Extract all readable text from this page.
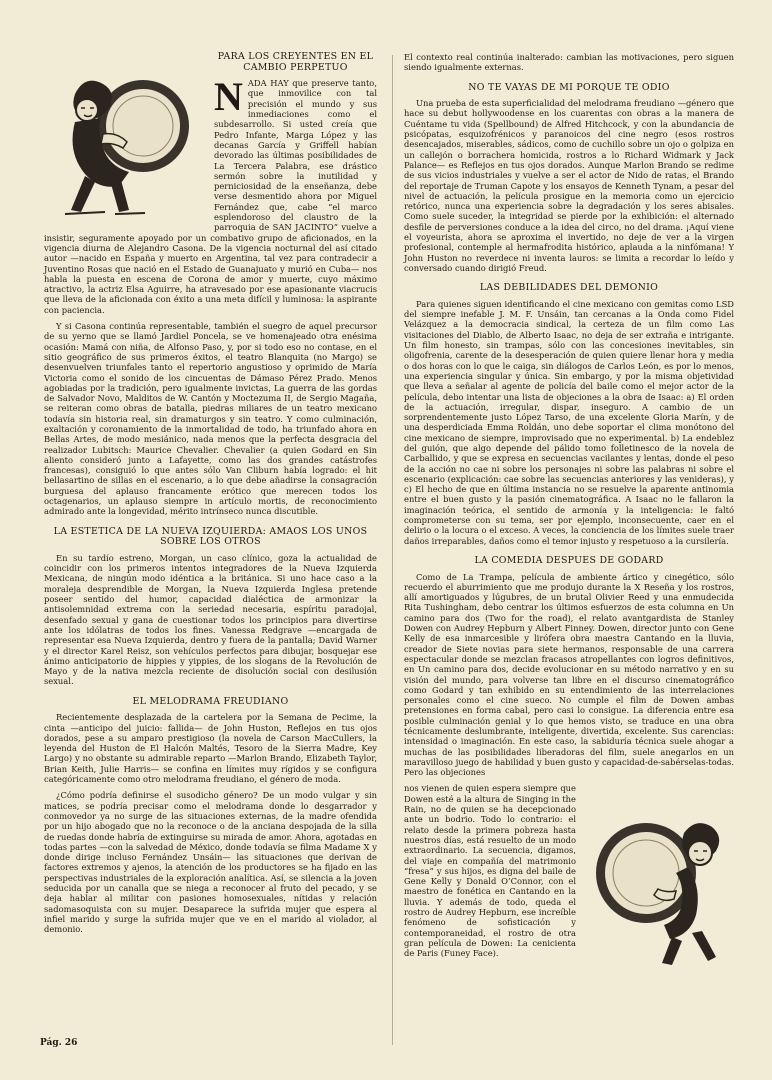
PARA LOS CREYENTES EN EL CAMBIO PERPETUO

NADA HAY que preserve tanto, que inmovilice con tal precisión el mundo y sus inmediaciones como el subdesarrollo. Si usted creía que Pedro Infante, Marga López y las decanas García y Griffell habían devorado las últimas posibilidades de La Tercera Palabra, ese drástico sermón sobre la inutilidad y perniciosidad de la enseñanza, debe verse desmentido ahora por Miguel Fernández que, cabe “el marco esplendoroso del claustro de la parroquia de SAN JACINTO” vuelve a insistir, seguramente apoyado por un combativo grupo de aficionados, en la vigencia diurna de Alejandro Casona. De la vigencia nocturnal del así citado autor —nacido en España y muerto en Argentina, tal vez para contradecir a Juventino Rosas que nació en el Estado de Guanajuato y murió en Cuba— nos habla la puesta en escena de Corona de amor y muerte, cuyo máximo atractivo, la actriz Elsa Aguirre, ha atravesado por ese apasionante viacrucis que lleva de la aficionada con éxito a una meta difícil y luminosa: la aspirante con paciencia.

Y si Casona continúa representable, también el suegro de aquel precursor de su yerno que se llamó Jardiel Poncela, se ve homenajeado otra enésima ocasión: Mamá con niña, de Alfonso Paso, y, por si todo eso no contase, en el sitio geográfico de sus primeros éxitos, el teatro Blanquita (no Margo) se desenvuelven triunfales tanto el repertorio angustioso y oprimido de María Victoria como el sonido de los cincuentas de Dámaso Pérez Prado. Menos agobiadas por la tradición, pero igualmente invictas, La guerra de las gordas de Salvador Novo, Malditos de W. Cantón y Moctezuma II, de Sergio Magaña, se reiteran como obras de batalla, piedras miliares de un teatro mexicano todavía sin historia real, sin dramaturgos y sin teatro. Y como culminación, exaltación y coronamiento de la inmortalidad de todo, ha triunfado ahora en Bellas Artes, de modo mesiánico, nada menos que la perfecta desgracia del realizador Lubitsch: Maurice Chevalier. Chevalier (a quien Godard en Sin aliento consideró junto a Lafayette, como las dos grandes catástrofes francesas), consiguió lo que antes sólo Van Cliburn había logrado: el hit bellasartino de sillas en el escenario, a lo que debe añadirse la consagración burguesa del aplauso francamente erótico que merecen todos los octagenarios, un aplauso siempre in artículo mortis, de reconocimiento admirado ante la longevidad, mérito intrínseco nunca discutible.

LA ESTETICA DE LA NUEVA IZQUIERDA: AMAOS LOS UNOS SOBRE LOS OTROS

En su tardío estreno, Morgan, un caso clínico, goza la actualidad de coincidir con los primeros intentos integradores de la Nueva Izquierda Mexicana, de ningún modo idéntica a la británica. Si uno hace caso a la moraleja desprendible de Morgan, la Nueva Izquierda Inglesa pretende poseer sentido del humor, capacidad dialéctica de armonizar la antisolemnidad extrema con la seriedad necesaria, espíritu paradojal, desenfado sexual y gana de cuestionar todos los principios para divertirse ante los idólatras de todos los fines. Vanessa Redgrave —encargada de representar esa Nueva Izquierda, dentro y fuera de la pantalla; David Warner y el director Karel Reisz, son vehículos perfectos para dibujar, bosquejar ese ánimo anticipatorio de hippies y yippies, de los slogans de la Revolución de Mayo y de la nativa mezcla reciente de disolución social con desilusión sexual.

EL MELODRAMA FREUDIANO

Recientemente desplazada de la cartelera por la Semana de Pecime, la cinta —anticipo del juicio: fallida— de John Huston, Reflejos en tus ojos dorados, pese a su amparo prestigioso (la novela de Carson MacCullers, la leyenda del Huston de El Halcón Maltés, Tesoro de la Sierra Madre, Key Largo) y no obstante su admirable reparto —Marlon Brando, Elizabeth Taylor, Brian Keith, Julie Harris— se confina en límites muy rígidos y se configura categóricamente como otro melodrama freudiano, el género de moda.

¿Cómo podría definirse el susodicho género? De un modo vulgar y sin matices, se podría precisar como el melodrama donde lo desgarrador y conmovedor ya no surge de las situaciones externas, de la madre ofendida por un hijo abogado que no la reconoce o de la anciana despojada de la silla de ruedas donde habría de extinguirse su mirada de amor. Ahora, agotadas en todas partes —con la salvedad de México, donde todavía se filma Madame X y donde dirige incluso Fernández Unsáin— las situaciones que derivan de factores extremos y ajenos, la atención de los productores se ha fijado en las perspectivas industriales de la exploración analítica. Así, se silencia a la joven seducida por un canalla que se niega a reconocer al fruto del pecado, y se deja hablar al militar con pasiones homosexuales, nítidas y relación sadomasoquista con su mujer. Desaparece la sufrida mujer que espera al infiel marido y surge la sufrida mujer que ve en el marido al violador, al demonio.

El contexto real continúa inalterado: cambian las motivaciones, pero siguen siendo igualmente externas.

NO TE VAYAS DE MI PORQUE TE ODIO

Una prueba de esta superficialidad del melodrama freudiano —género que hace su debut hollywoodense en los cuarentas con obras a la manera de Cuéntame tu vida (Spellbound) de Alfred Hitchcock, y con la abundancia de psicópatas, esquizofrénicos y paranoicos del cine negro (esos rostros desencajados, miserables, sádicos, como de cuchillo sobre un ojo o golpiza en un callejón o borrachera homicida, rostros a lo Richard Widmark y Jack Palance— es Reflejos en tus ojos dorados. Aunque Marlon Brando se redime de sus vicios industriales y vuelve a ser el actor de Nido de ratas, el Brando del reportaje de Truman Capote y los ensayos de Kenneth Tynam, a pesar del nivel de actuación, la película prosigue en la memoria como un ejercicio retórico, nunca una experiencia sobre la degradación y los seres abisales. Como suele suceder, la integridad se pierde por la exhibición: el alternado desfile de perversiones conduce a la idea del circo, no del drama. ¡Aquí viene el voyeurista, ahora se aproxima el invertido, no deje de ver a la virgen profesional, contemple al hermafrodita histórico, aplauda a la ninfómana! Y John Huston no reverdece ni inventa lauros: se limita a recordar lo leído y conversado cuando dirigió Freud.

LAS DEBILIDADES DEL DEMONIO

Para quienes siguen identificando el cine mexicano con gemitas como LSD del siempre inefable J. M. F. Unsáin, tan cercanas a la Onda como Fidel Velázquez a la democracia sindical, la certeza de un film como Las visitaciones del Diablo, de Alberto Isaac, no deja de ser extraña e intrigante. Un film honesto, sin trampas, sólo con las concesiones inevitables, sin oligofrenia, carente de la desesperación de quien quiere llenar hora y media o dos horas con lo que le caiga, sin diálogos de Carlos León, es por lo menos, una experiencia singular y única. Sin embargo, y por la misma objetividad que lleva a señalar al agente de policía del baile como el mejor actor de la película, debo intentar una lista de objeciones a la obra de Isaac: a) El orden de la actuación, irregular, dispar, inseguro. A cambio de un sorprendentemente justo López Tarso, de una excelente Gloria Marín, y de una desperdiciada Emma Roldán, uno debe soportar el clima monótono del cine mexicano de siempre, improvisado que no experimental. b) La endeblez del guión, que algo depende del pálido tomo folletinesco de la novela de Carballido, y que se expresa en secuencias vacilantes y lentas, donde el peso de la acción no cae ni sobre los personajes ni sobre las palabras ni sobre el escenario (explicación: cae sobre las secuencias anteriores y las venideras), y c) El hecho de que en última instancia no se resuelve la aparente antinomia entre el buen gusto y la pasión cinematográfica. A Isaac no le fallaron la imaginación teórica, el sentido de armonía y la inteligencia: le faltó comprometerse con su tema, ser por ejemplo, inconsecuente, caer en el delirio o la locura o el exceso. A veces, la conciencia de los límites suele traer daños irreparables, daños como el temor injusto y respetuoso a la cursilería.

LA COMEDIA DESPUES DE GODARD

Como de La Trampa, película de ambiente ártico y cinegético, sólo recuerdo el aburrimiento que me produjo durante la X Reseña y los rostros, allí amortiguados y lúgubres, de un brutal Olivier Reed y una enmudecida Rita Tushingham, debo centrar los últimos esfuerzos de esta columna en Un camino para dos (Two for the road), el relato avantgardista de Stanley Dowen con Audrey Hepburn y Albert Finney. Dowen, director junto con Gene Kelly de esa inmarcesible y lirófera obra maestra Cantando en la lluvia, creador de Siete novias para siete hermanos, responsable de una carrera espectacular donde se mezclan fracasos atropellantes con logros definitivos, en Un camino para dos, decide evolucionar en su método narrativo y en su visión del mundo, para volverse tan libre en el discurso cinematográfico como Godard y tan exhibido en su entendimiento de las interrelaciones personales como el cine sueco. No cumple el film de Dowen ambas pretensiones en forma cabal, pero casi lo consigue. La diferencia entre esa posible culminación genial y lo que hemos visto, se traduce en una obra técnicamente deslumbrante, inteligente, divertida, excelente. Sus carencias: intensidad o imaginación. En este caso, la sabiduría técnica suele ahogar a muchas de las posibilidades liberadoras del film, suele anegarlos en un maravilloso juego de habilidad y buen gusto y capacidad-de-sabérselas-todas. Pero las objeciones

nos vienen de quien espera siempre que Dowen esté a la altura de Singing in the Rain, no de quien se ha decepcionado ante un bodrio. Todo lo contrario: el relato desde la primera pobreza hasta nuestros días, está resuelto de un modo extraordinario. La secuencia, digamos, del viaje en compañía del matrimonio “fresa” y sus hijos, es digna del baile de Gene Kelly y Donald O’Connor, con el maestro de fonética en Cantando en la lluvia. Y además de todo, queda el rostro de Audrey Hepburn, ese increíble fenómeno de sofisticación y contemporaneidad, el rostro de otra gran película de Dowen: La cenicienta de Paris (Funey Face).

Pág. 26
